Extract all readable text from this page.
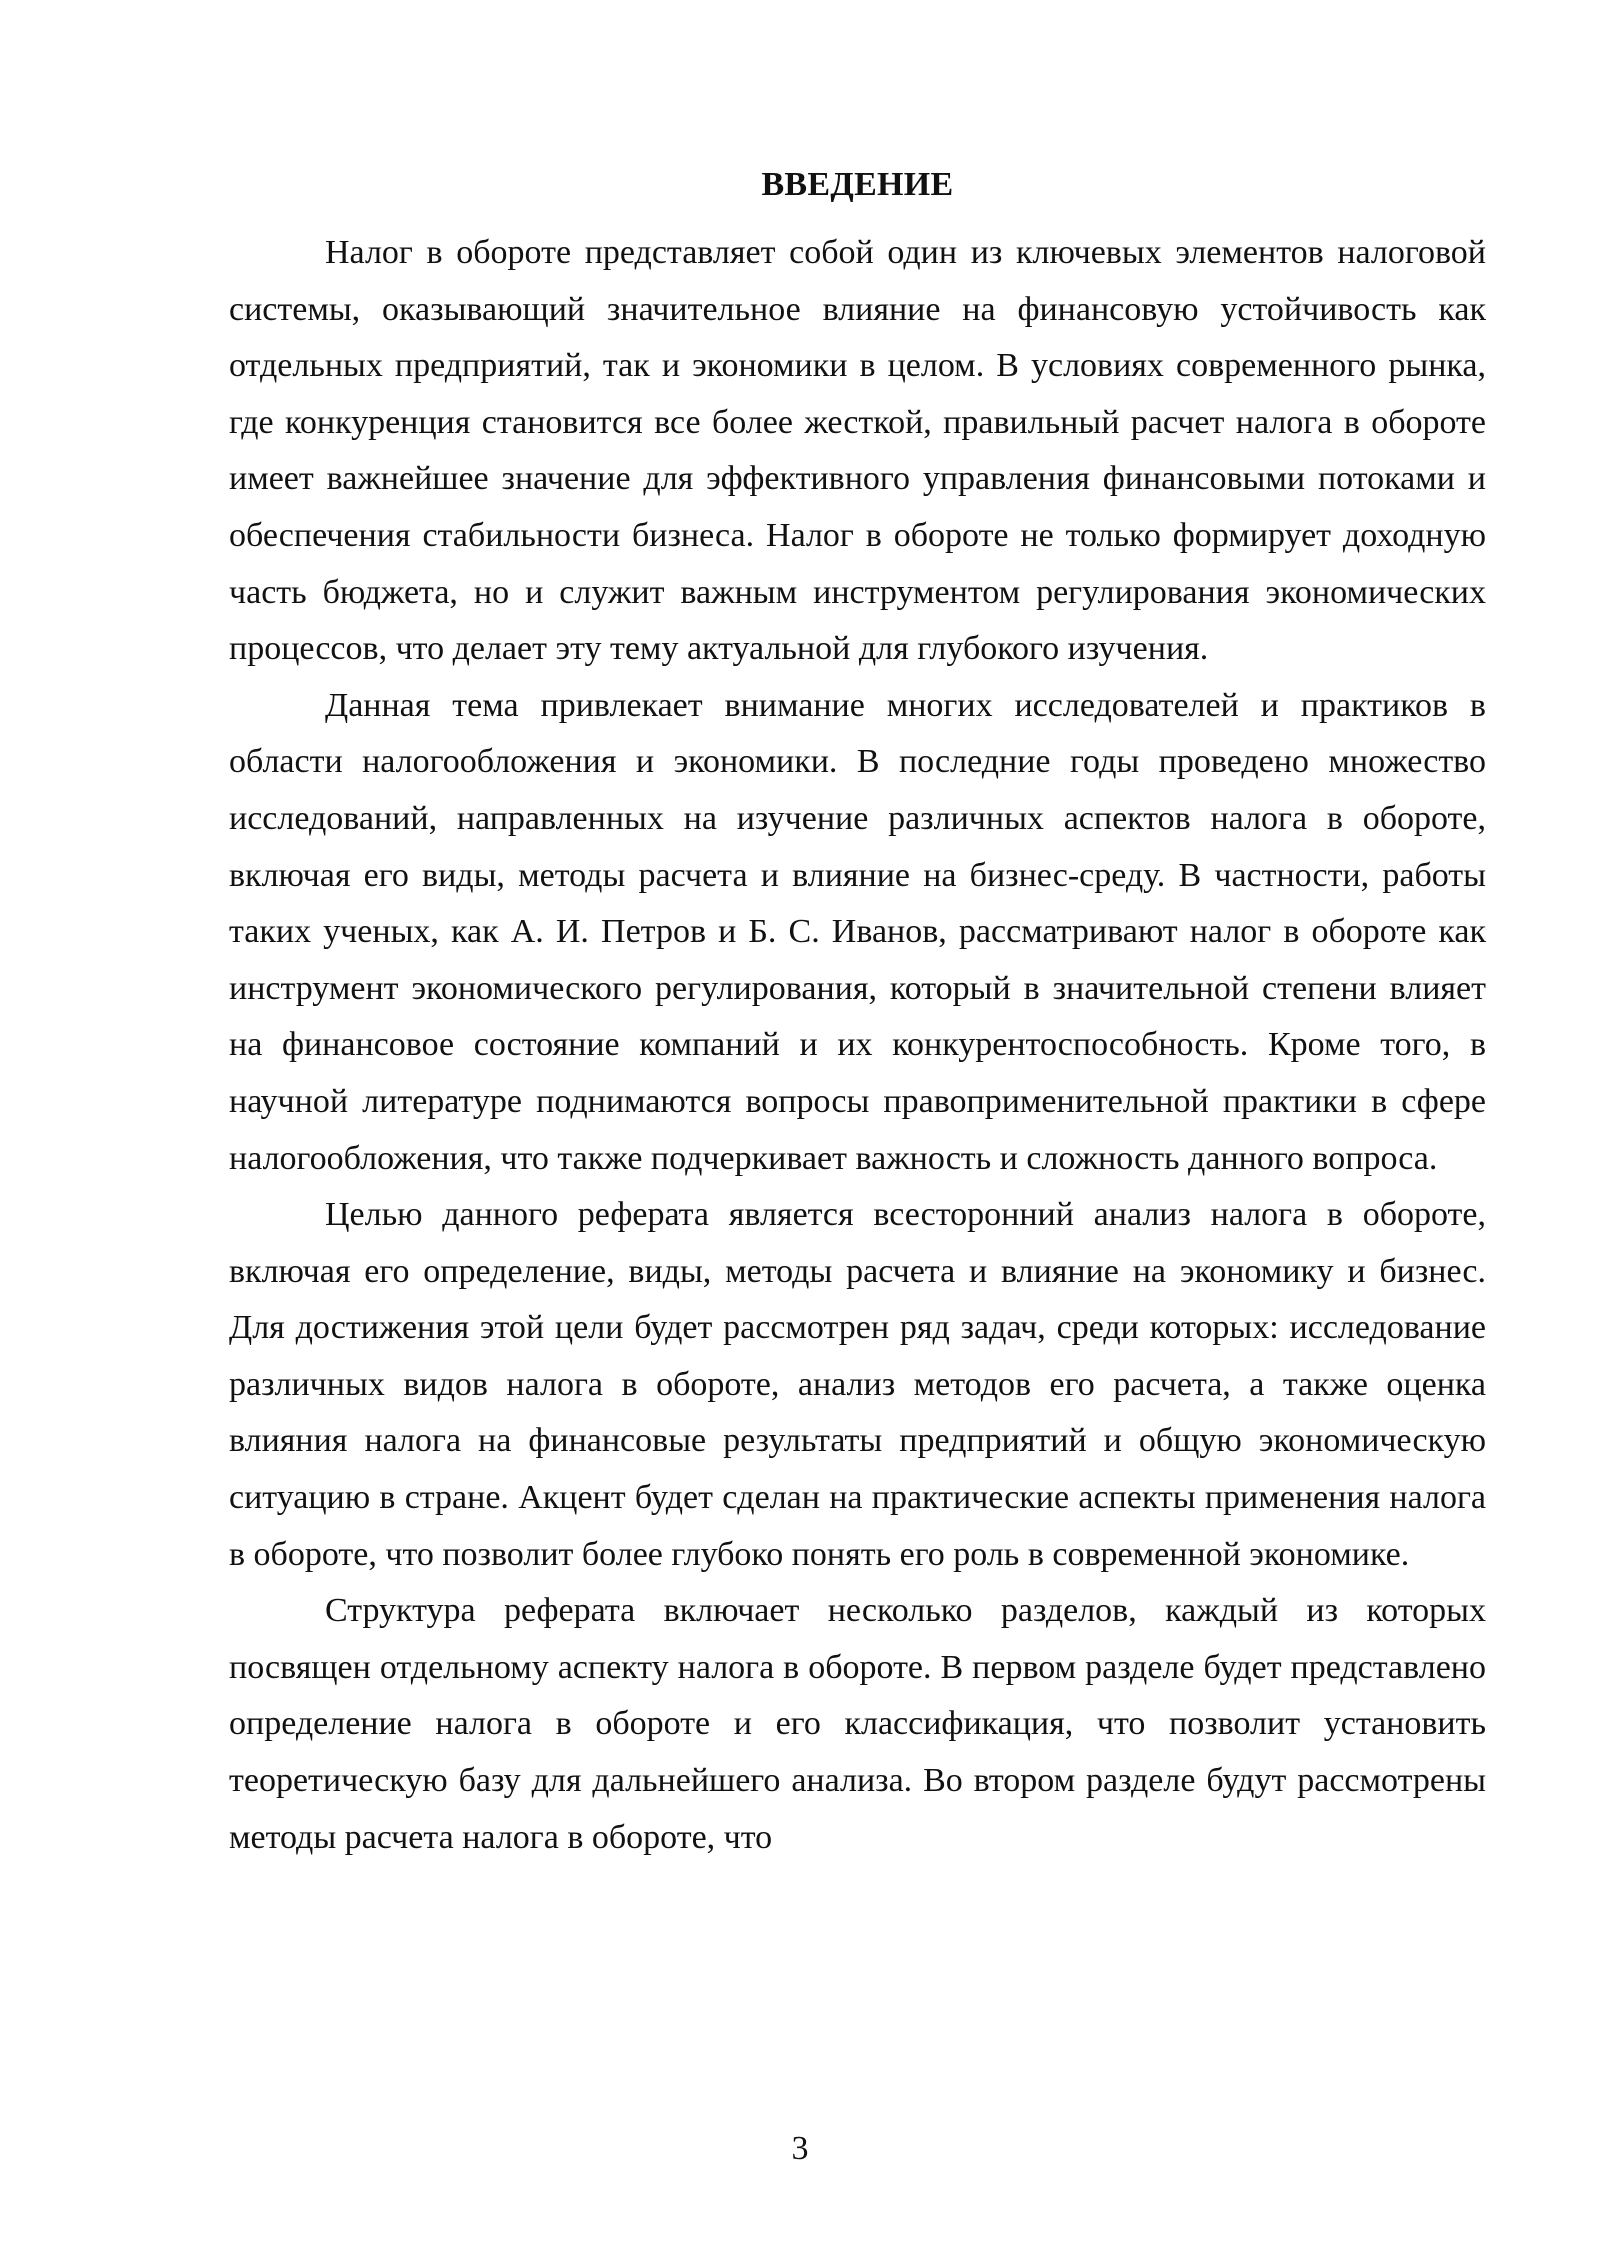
ВВЕДЕНИЕ

Налог в обороте представляет собой один из ключевых элементов налоговой системы, оказывающий значительное влияние на финансовую устойчивость как отдельных предприятий, так и экономики в целом. В условиях современного рынка, где конкуренция становится все более жесткой, правильный расчет налога в обороте имеет важнейшее значение для эффективного управления финансовыми потоками и обеспечения стабильности бизнеса. Налог в обороте не только формирует доходную часть бюджета, но и служит важным инструментом регулирования экономических процессов, что делает эту тему актуальной для глубокого изучения.

Данная тема привлекает внимание многих исследователей и практиков в области налогообложения и экономики. В последние годы проведено множество исследований, направленных на изучение различных аспектов налога в обороте, включая его виды, методы расчета и влияние на бизнес-среду. В частности, работы таких ученых, как А. И. Петров и Б. С. Иванов, рассматривают налог в обороте как инструмент экономического регулирования, который в значительной степени влияет на финансовое состояние компаний и их конкурентоспособность. Кроме того, в научной литературе поднимаются вопросы правоприменительной практики в сфере налогообложения, что также подчеркивает важность и сложность данного вопроса.

Целью данного реферата является всесторонний анализ налога в обороте, включая его определение, виды, методы расчета и влияние на экономику и бизнес. Для достижения этой цели будет рассмотрен ряд задач, среди которых: исследование различных видов налога в обороте, анализ методов его расчета, а также оценка влияния налога на финансовые результаты предприятий и общую экономическую ситуацию в стране. Акцент будет сделан на практические аспекты применения налога в обороте, что позволит более глубоко понять его роль в современной экономике.

Структура реферата включает несколько разделов, каждый из которых посвящен отдельному аспекту налога в обороте. В первом разделе будет представлено определение налога в обороте и его классификация, что позволит установить теоретическую базу для дальнейшего анализа. Во втором разделе будут рассмотрены методы расчета налога в обороте, что

3
